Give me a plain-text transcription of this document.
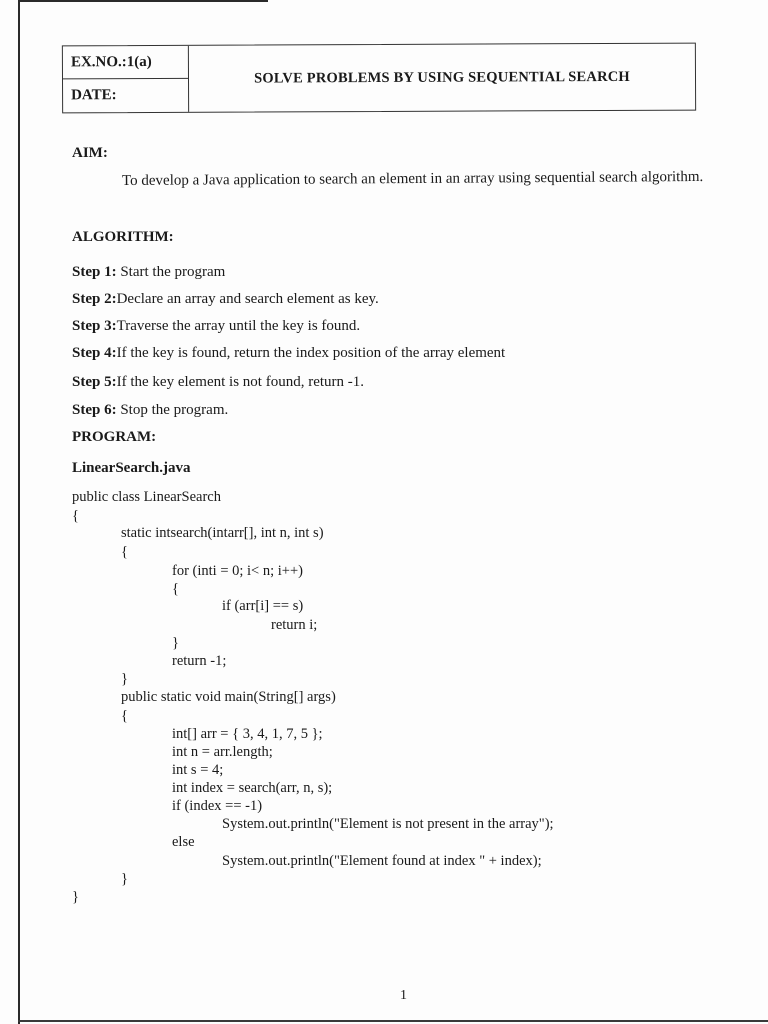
EX.NO.:1(a)
DATE:
SOLVE PROBLEMS BY USING SEQUENTIAL SEARCH
AIM:
To develop a Java application to search an element in an array using sequential search algorithm.
ALGORITHM:
Step 1: Start the program
Step 2:Declare an array and search element as key.
Step 3:Traverse the array until the key is found.
Step 4:If the key is found, return the index position of the array element
Step 5:If the key element is not found, return -1.
Step 6: Stop the program.
PROGRAM:
LinearSearch.java
public class LinearSearch
{
static intsearch(intarr[], int n, int s)
{
for (inti = 0; i< n; i++)
{
if (arr[i] == s)
return i;
}
return -1;
}
public static void main(String[] args)
{
int[] arr = { 3, 4, 1, 7, 5 };
int n = arr.length;
int s = 4;
int index = search(arr, n, s);
if (index == -1)
System.out.println("Element is not present in the array");
else
System.out.println("Element found at index " + index);
}
}
1
